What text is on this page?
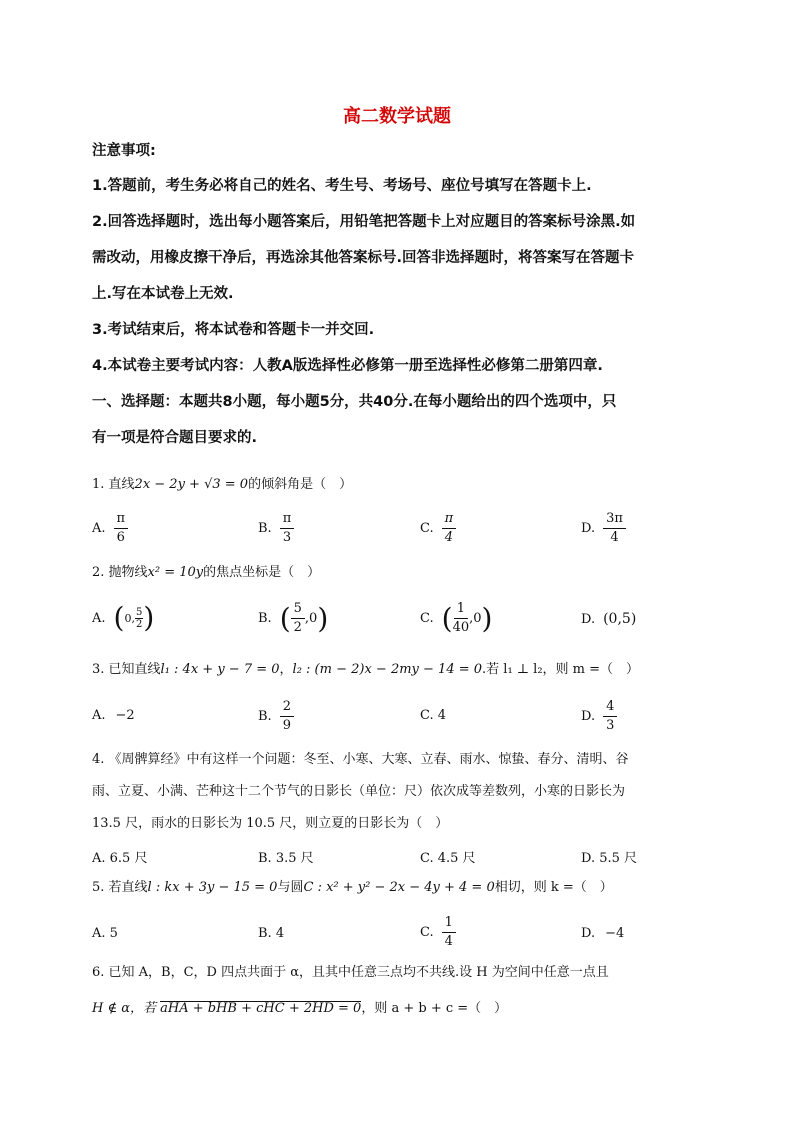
高二数学试题
注意事项:
1.答题前，考生务必将自己的姓名、考生号、考场号、座位号填写在答题卡上.
2.回答选择题时，选出每小题答案后，用铅笔把答题卡上对应题目的答案标号涂黑.如
需改动，用橡皮擦干净后，再选涂其他答案标号.回答非选择题时，将答案写在答题卡
上.写在本试卷上无效.
3.考试结束后，将本试卷和答题卡一并交回.
4.本试卷主要考试内容：人教A版选择性必修第一册至选择性必修第二册第四章.
一、选择题：本题共8小题，每小题5分，共40分.在每小题给出的四个选项中，只
有一项是符合题目要求的.
1. 直线2x − 2y + √3 = 0的倾斜角是（　）
A. $\frac{\pi}{6}$	B. $\frac{\pi}{3}$	C. $\frac{\pi}{4}$	D. $\frac{3\pi}{4}$
2. 抛物线x² = 10y的焦点坐标是（　）
A. ( 0, $\frac{5}{2}$ )	B. ( $\frac{5}{2} ,0$ )	C. ( $\frac{1}{40} ,0$ )	D. (0,5)
3. 已知直线l₁ : 4x + y − 7 = 0，l₂ : (m − 2)x − 2my − 14 = 0.若 l₁ ⊥ l₂，则 m =（　）
A. −2	B. $\frac{2}{9}$	C. 4	D. $\frac{4}{3}$
4. 《周髀算经》中有这样一个问题：冬至、小寒、大寒、立春、雨水、惊蛰、春分、清明、谷
雨、立夏、小满、芒种这十二个节气的日影长（单位：尺）依次成等差数列，小寒的日影长为
13.5 尺，雨水的日影长为 10.5 尺，则立夏的日影长为（　）
A. 6.5 尺	B. 3.5 尺	C. 4.5 尺	D. 5.5 尺
5. 若直线l : kx + 3y − 15 = 0与圆C : x² + y² − 2x − 4y + 4 = 0相切，则 k =（　）
A. 5	B. 4	C. $\frac{1}{4}$	D. −4
6. 已知 A，B，C，D 四点共面于 α，且其中任意三点均不共线.设 H 为空间中任意一点且
H ∉ α，若 aHA + bHB + cHC + 2HD = 0，则 a + b + c =（　）
